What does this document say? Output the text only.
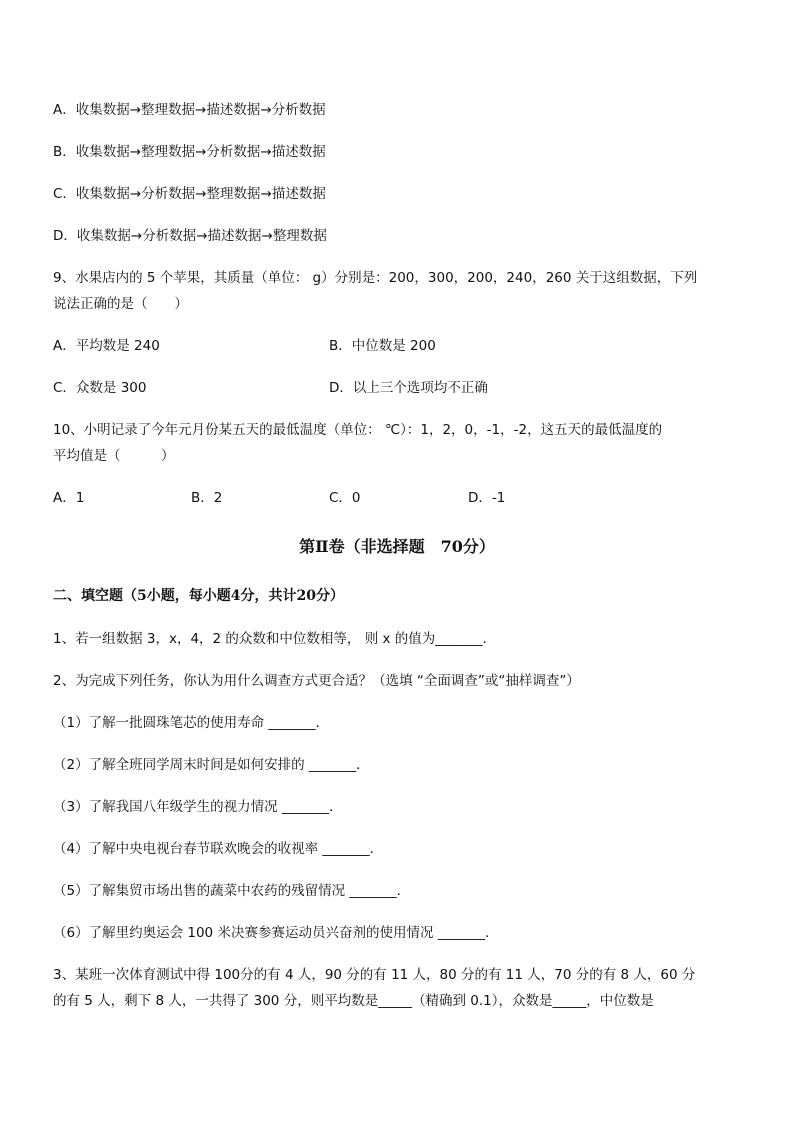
A．收集数据→整理数据→描述数据→分析数据
B．收集数据→整理数据→分析数据→描述数据
C．收集数据→分析数据→整理数据→描述数据
D．收集数据→分析数据→描述数据→整理数据
9、水果店内的 5 个苹果，其质量（单位： g）分别是：200，300，200，240，260 关于这组数据，下列
说法正确的是（　　）
A．平均数是 240	B．中位数是 200
C．众数是 300	D．以上三个选项均不正确
10、小明记录了今年元月份某五天的最低温度（单位： ℃）：1，2，0，-1，-2，这五天的最低温度的
平均值是（　　　）
A．1	B．2	C．0	D．-1
第Ⅱ卷（非选择题　70分）
二、填空题（5小题，每小题4分，共计20分）
1、若一组数据 3，x，4，2 的众数和中位数相等， 则 x 的值为_______．
2、为完成下列任务，你认为用什么调查方式更合适？（选填 “全面调查”或“抽样调查”）
（1）了解一批圆珠笔芯的使用寿命 _______．
（2）了解全班同学周末时间是如何安排的 _______．
（3）了解我国八年级学生的视力情况 _______．
（4）了解中央电视台春节联欢晚会的收视率 _______．
（5）了解集贸市场出售的蔬菜中农药的残留情况 _______．
（6）了解里约奥运会 100 米决赛参赛运动员兴奋剂的使用情况 _______．
3、某班一次体育测试中得 100分的有 4 人，90 分的有 11 人，80 分的有 11 人，70 分的有 8 人，60 分
的有 5 人，剩下 8 人，一共得了 300 分，则平均数是_____（精确到 0.1），众数是_____，中位数是
